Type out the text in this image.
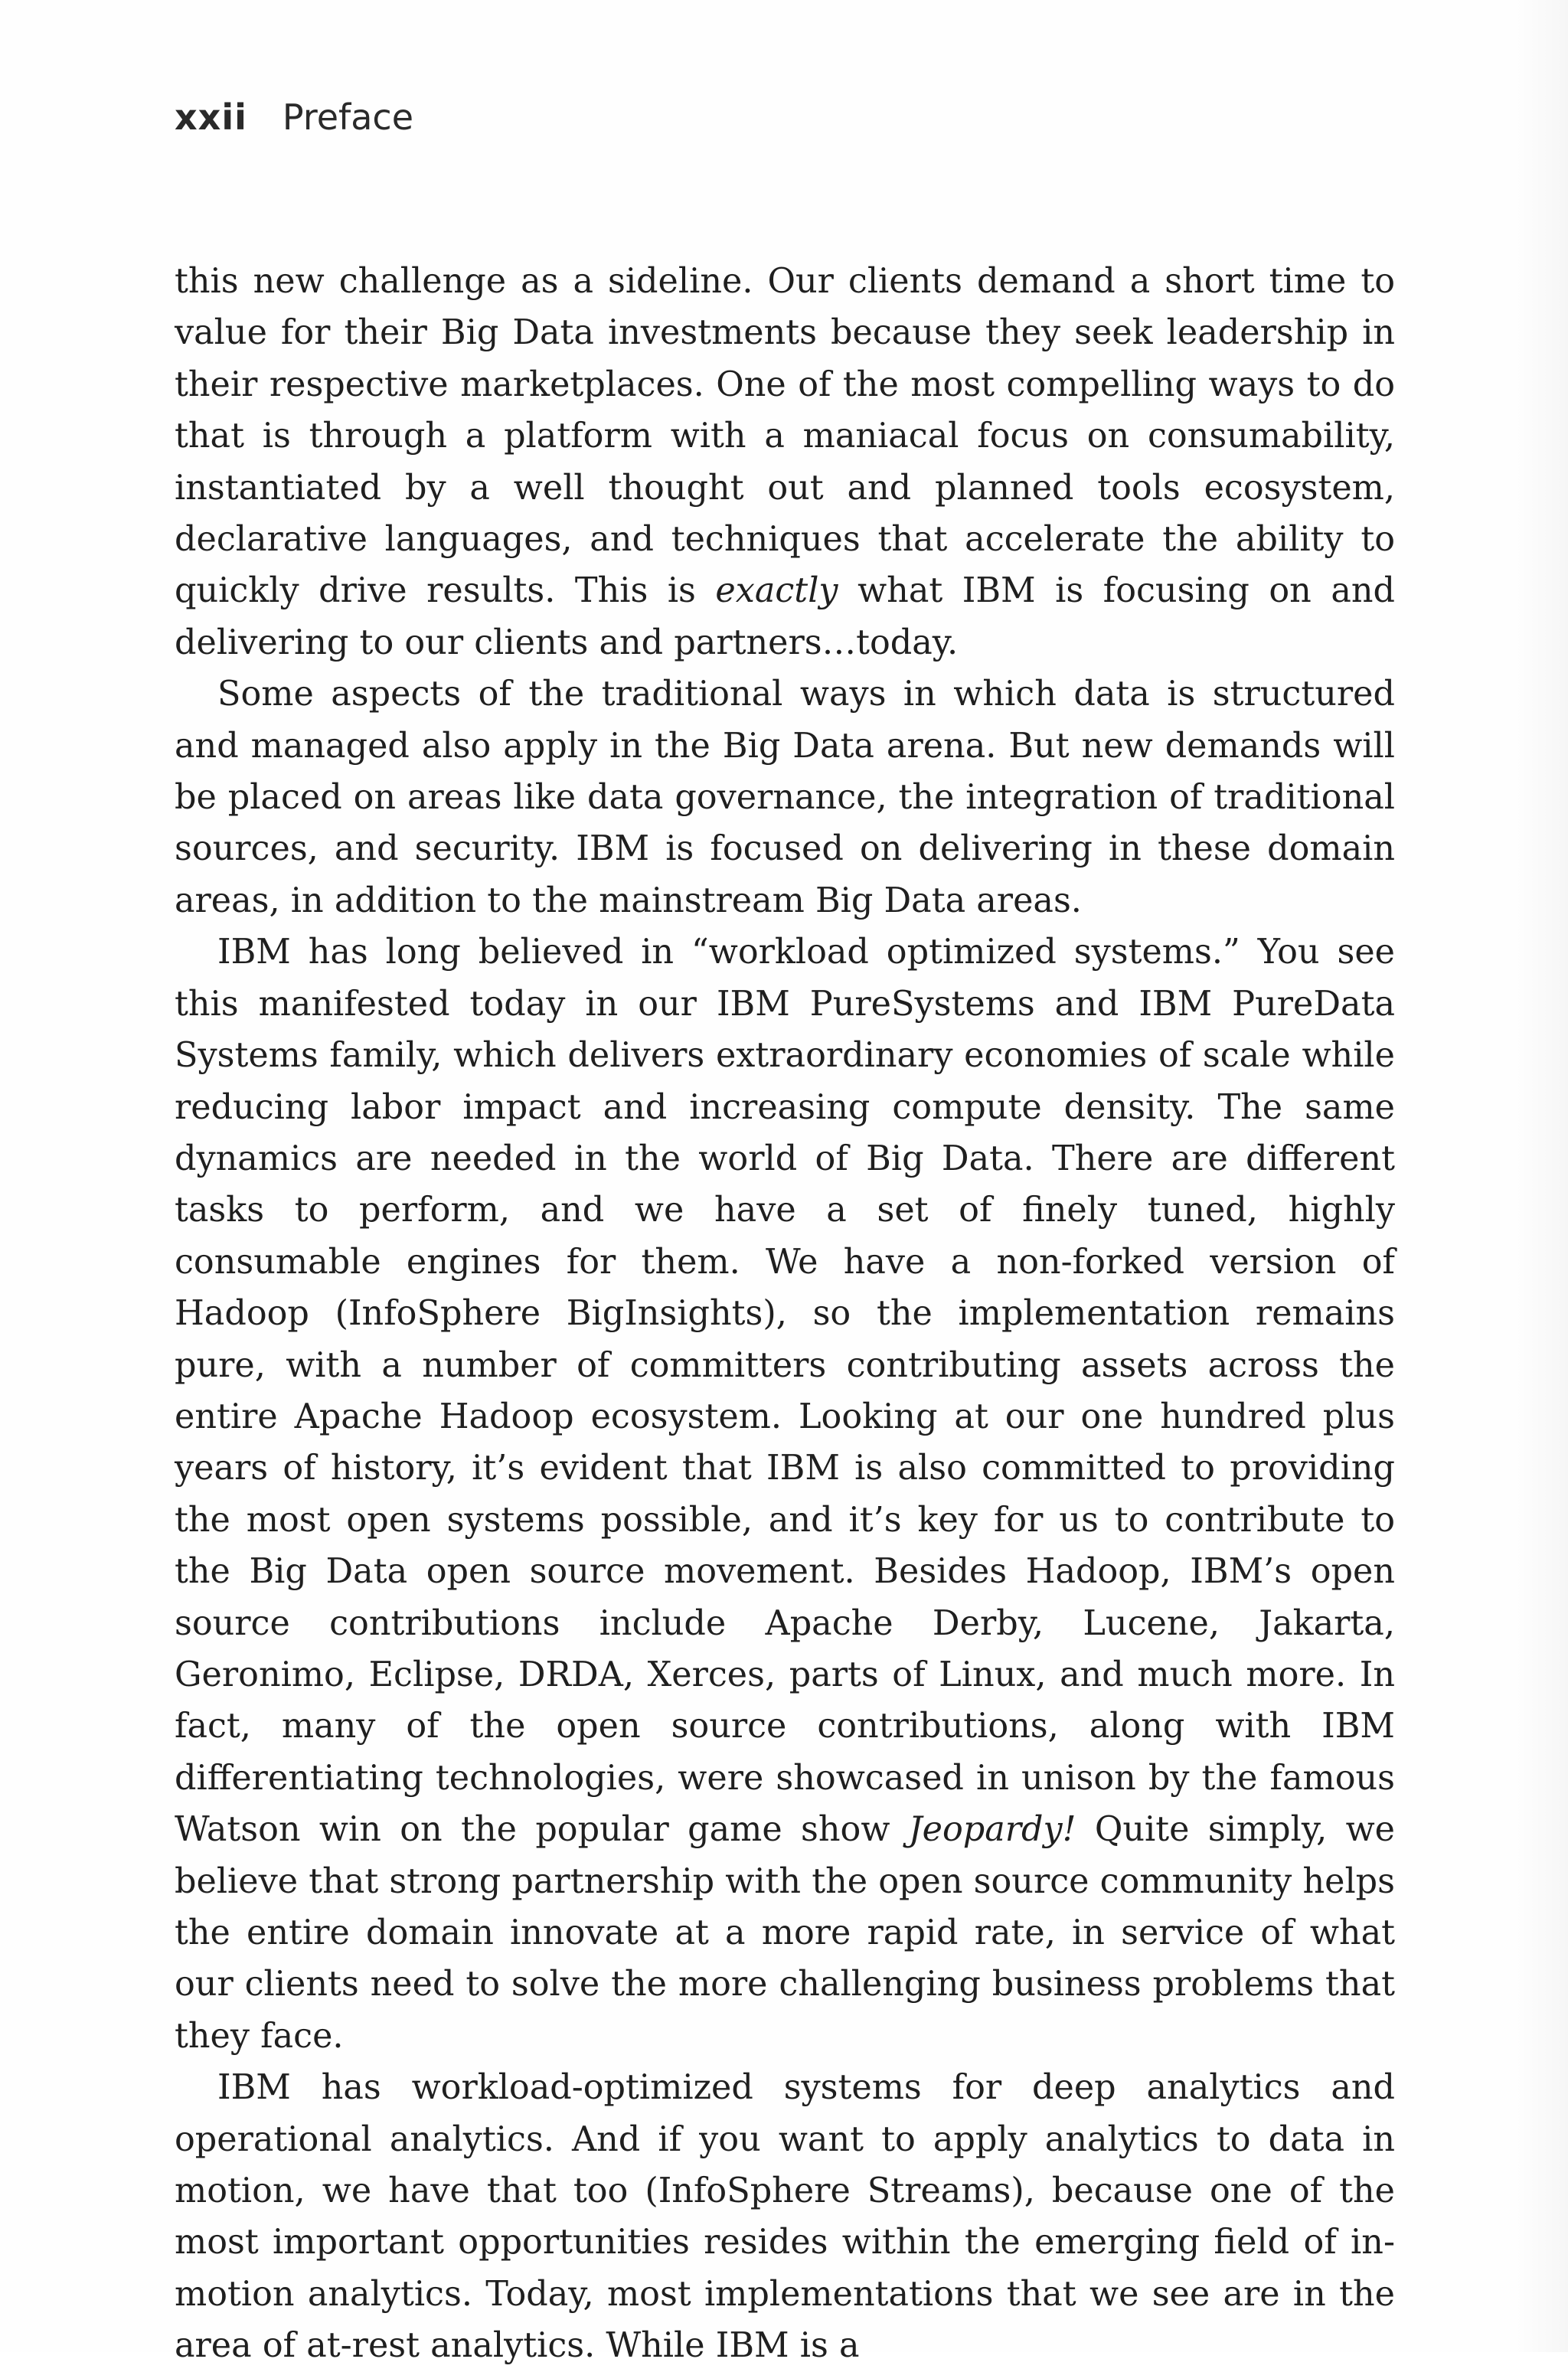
xxii Preface

this new challenge as a sideline. Our clients demand a short time to value for their Big Data investments because they seek leadership in their respective marketplaces. One of the most compelling ways to do that is through a platform with a maniacal focus on consumability, instantiated by a well thought out and planned tools ecosystem, declarative languages, and techniques that accelerate the ability to quickly drive results. This is exactly what IBM is focusing on and delivering to our clients and partners…today.

Some aspects of the traditional ways in which data is structured and managed also apply in the Big Data arena. But new demands will be placed on areas like data governance, the integration of traditional sources, and security. IBM is focused on delivering in these domain areas, in addition to the mainstream Big Data areas.

IBM has long believed in “workload optimized systems.” You see this manifested today in our IBM PureSystems and IBM PureData Systems family, which delivers extraordinary economies of scale while reducing labor impact and increasing compute density. The same dynamics are needed in the world of Big Data. There are different tasks to perform, and we have a set of finely tuned, highly consumable engines for them. We have a non-forked version of Hadoop (InfoSphere BigInsights), so the implementation remains pure, with a number of committers contributing assets across the entire Apache Hadoop ecosystem. Looking at our one hundred plus years of history, it’s evident that IBM is also committed to providing the most open systems possible, and it’s key for us to contribute to the Big Data open source movement. Besides Hadoop, IBM’s open source contributions include Apache Derby, Lucene, Jakarta, Geronimo, Eclipse, DRDA, Xerces, parts of Linux, and much more. In fact, many of the open source contributions, along with IBM differentiating technologies, were showcased in unison by the famous Watson win on the popular game show Jeopardy! Quite simply, we believe that strong partnership with the open source community helps the entire domain innovate at a more rapid rate, in service of what our clients need to solve the more challenging business problems that they face.

IBM has workload-optimized systems for deep analytics and operational analytics. And if you want to apply analytics to data in motion, we have that too (InfoSphere Streams), because one of the most important opportunities resides within the emerging field of in-motion analytics. Today, most implementations that we see are in the area of at-rest analytics. While IBM is a
